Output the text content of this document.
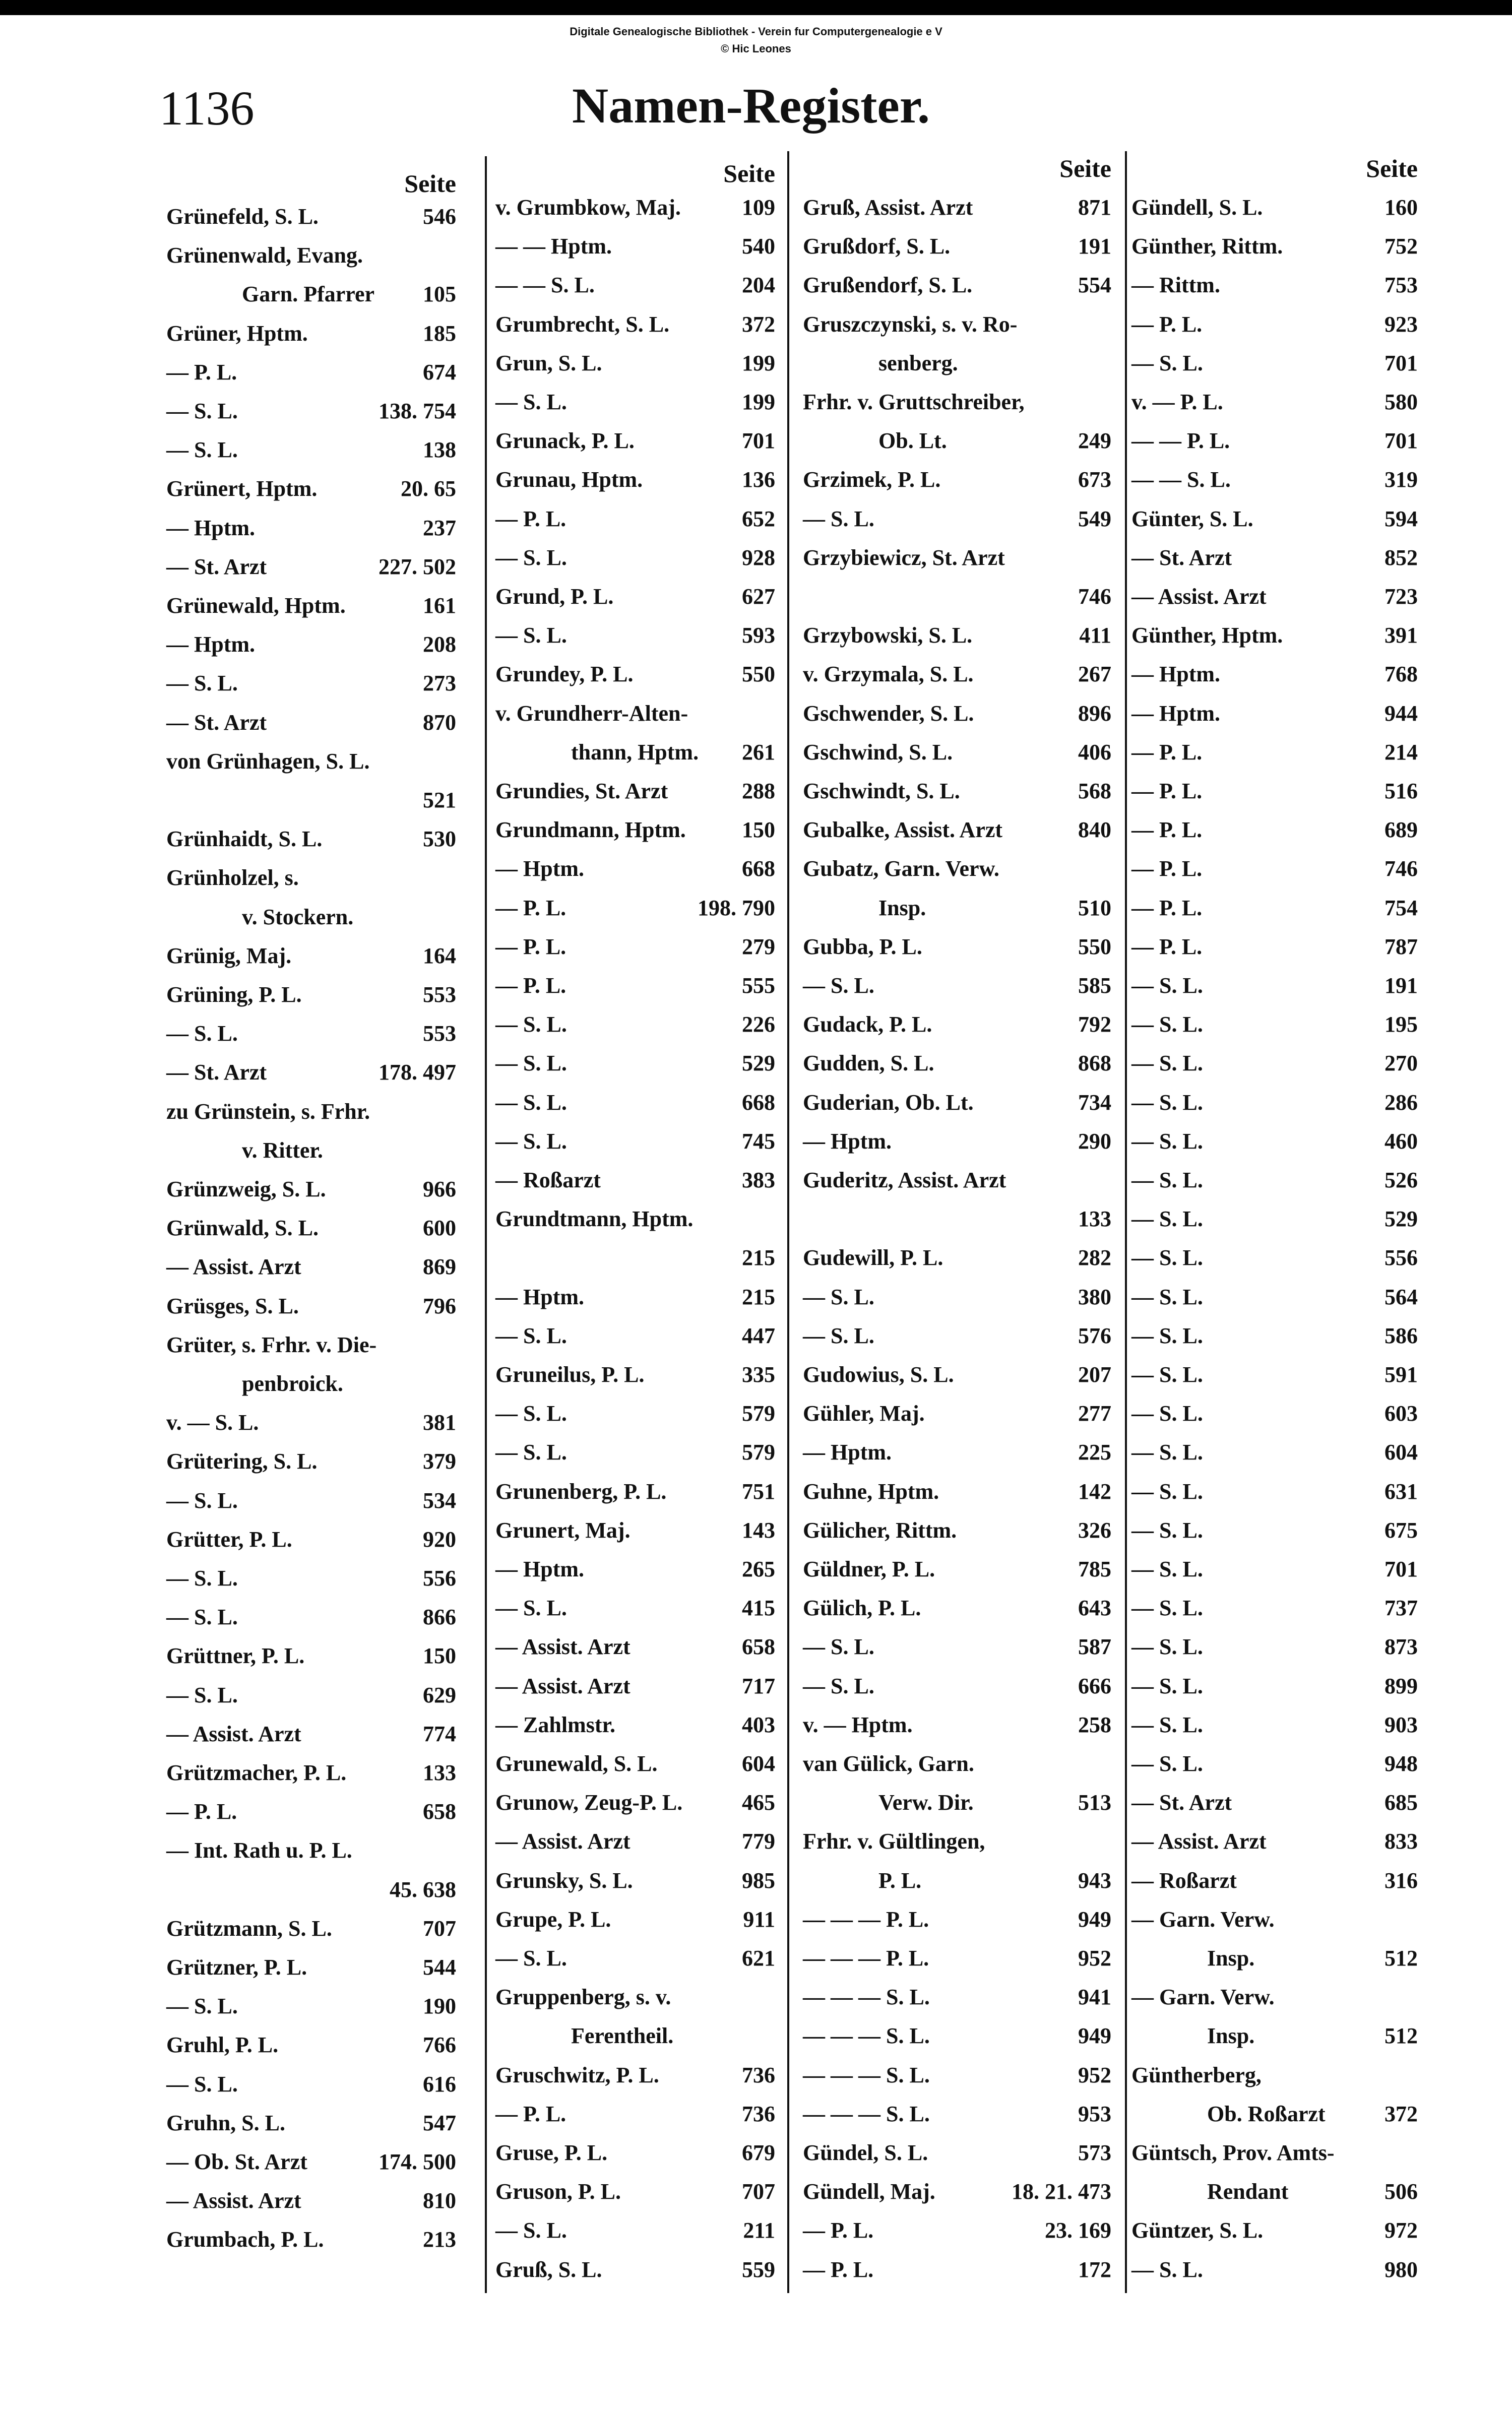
Digitale Genealogische Bibliothek - Verein fur Computergenealogie e V
© Hic Leones
1136	Namen-Register.
Seite
Grünefeld, S. L.	546
Grünenwald, Evang.
Garn. Pfarrer	105
Grüner, Hptm.	185
— P. L.	674
— S. L.	138. 754
— S. L.	138
Grünert, Hptm.	20. 65
— Hptm.	237
— St. Arzt	227. 502
Grünewald, Hptm.	161
— Hptm.	208
— S. L.	273
— St. Arzt	870
von Grünhagen, S. L.
521
Grünhaidt, S. L.	530
Grünholzel, s.
v. Stockern.
Grünig, Maj.	164
Grüning, P. L.	553
— S. L.	553
— St. Arzt	178. 497
zu Grünstein, s. Frhr.
v. Ritter.
Grünzweig, S. L.	966
Grünwald, S. L.	600
— Assist. Arzt	869
Grüsges, S. L.	796
Grüter, s. Frhr. v. Die-
penbroick.
v. — S. L.	381
Grütering, S. L.	379
— S. L.	534
Grütter, P. L.	920
— S. L.	556
— S. L.	866
Grüttner, P. L.	150
— S. L.	629
— Assist. Arzt	774
Grützmacher, P. L.	133
— P. L.	658
— Int. Rath u. P. L.
45. 638
Grützmann, S. L.	707
Grützner, P. L.	544
— S. L.	190
Gruhl, P. L.	766
— S. L.	616
Gruhn, S. L.	547
— Ob. St. Arzt	174. 500
— Assist. Arzt	810
Grumbach, P. L.	213
Seite
v. Grumbkow, Maj.	109
— — Hptm.	540
— — S. L.	204
Grumbrecht, S. L.	372
Grun, S. L.	199
— S. L.	199
Grunack, P. L.	701
Grunau, Hptm.	136
— P. L.	652
— S. L.	928
Grund, P. L.	627
— S. L.	593
Grundey, P. L.	550
v. Grundherr-Alten-
thann, Hptm.	261
Grundies, St. Arzt	288
Grundmann, Hptm.	150
— Hptm.	668
— P. L.	198. 790
— P. L.	279
— P. L.	555
— S. L.	226
— S. L.	529
— S. L.	668
— S. L.	745
— Roßarzt	383
Grundtmann, Hptm.
215
— Hptm.	215
— S. L.	447
Gruneilus, P. L.	335
— S. L.	579
— S. L.	579
Grunenberg, P. L.	751
Grunert, Maj.	143
— Hptm.	265
— S. L.	415
— Assist. Arzt	658
— Assist. Arzt	717
— Zahlmstr.	403
Grunewald, S. L.	604
Grunow, Zeug-P. L.	465
— Assist. Arzt	779
Grunsky, S. L.	985
Grupe, P. L.	911
— S. L.	621
Gruppenberg, s. v.
Ferentheil.
Gruschwitz, P. L.	736
— P. L.	736
Gruse, P. L.	679
Gruson, P. L.	707
— S. L.	211
Gruß, S. L.	559
Seite
Gruß, Assist. Arzt	871
Grußdorf, S. L.	191
Grußendorf, S. L.	554
Gruszczynski, s. v. Ro-
senberg.
Frhr. v. Gruttschreiber,
Ob. Lt.	249
Grzimek, P. L.	673
— S. L.	549
Grzybiewicz, St. Arzt
746
Grzybowski, S. L.	411
v. Grzymala, S. L.	267
Gschwender, S. L.	896
Gschwind, S. L.	406
Gschwindt, S. L.	568
Gubalke, Assist. Arzt	840
Gubatz, Garn. Verw.
Insp.	510
Gubba, P. L.	550
— S. L.	585
Gudack, P. L.	792
Gudden, S. L.	868
Guderian, Ob. Lt.	734
— Hptm.	290
Guderitz, Assist. Arzt
133
Gudewill, P. L.	282
— S. L.	380
— S. L.	576
Gudowius, S. L.	207
Gühler, Maj.	277
— Hptm.	225
Guhne, Hptm.	142
Gülicher, Rittm.	326
Güldner, P. L.	785
Gülich, P. L.	643
— S. L.	587
— S. L.	666
v. — Hptm.	258
van Gülick, Garn.
Verw. Dir.	513
Frhr. v. Gültlingen,
P. L.	943
— — — P. L.	949
— — — P. L.	952
— — — S. L.	941
— — — S. L.	949
— — — S. L.	952
— — — S. L.	953
Gündel, S. L.	573
Gündell, Maj.	18. 21. 473
— P. L.	23. 169
— P. L.	172
Seite
Gündell, S. L.	160
Günther, Rittm.	752
— Rittm.	753
— P. L.	923
— S. L.	701
v. — P. L.	580
— — P. L.	701
— — S. L.	319
Günter, S. L.	594
— St. Arzt	852
— Assist. Arzt	723
Günther, Hptm.	391
— Hptm.	768
— Hptm.	944
— P. L.	214
— P. L.	516
— P. L.	689
— P. L.	746
— P. L.	754
— P. L.	787
— S. L.	191
— S. L.	195
— S. L.	270
— S. L.	286
— S. L.	460
— S. L.	526
— S. L.	529
— S. L.	556
— S. L.	564
— S. L.	586
— S. L.	591
— S. L.	603
— S. L.	604
— S. L.	631
— S. L.	675
— S. L.	701
— S. L.	737
— S. L.	873
— S. L.	899
— S. L.	903
— S. L.	948
— St. Arzt	685
— Assist. Arzt	833
— Roßarzt	316
— Garn. Verw.
Insp.	512
— Garn. Verw.
Insp.	512
Güntherberg,
Ob. Roßarzt	372
Güntsch, Prov. Amts-
Rendant	506
Güntzer, S. L.	972
— S. L.	980
